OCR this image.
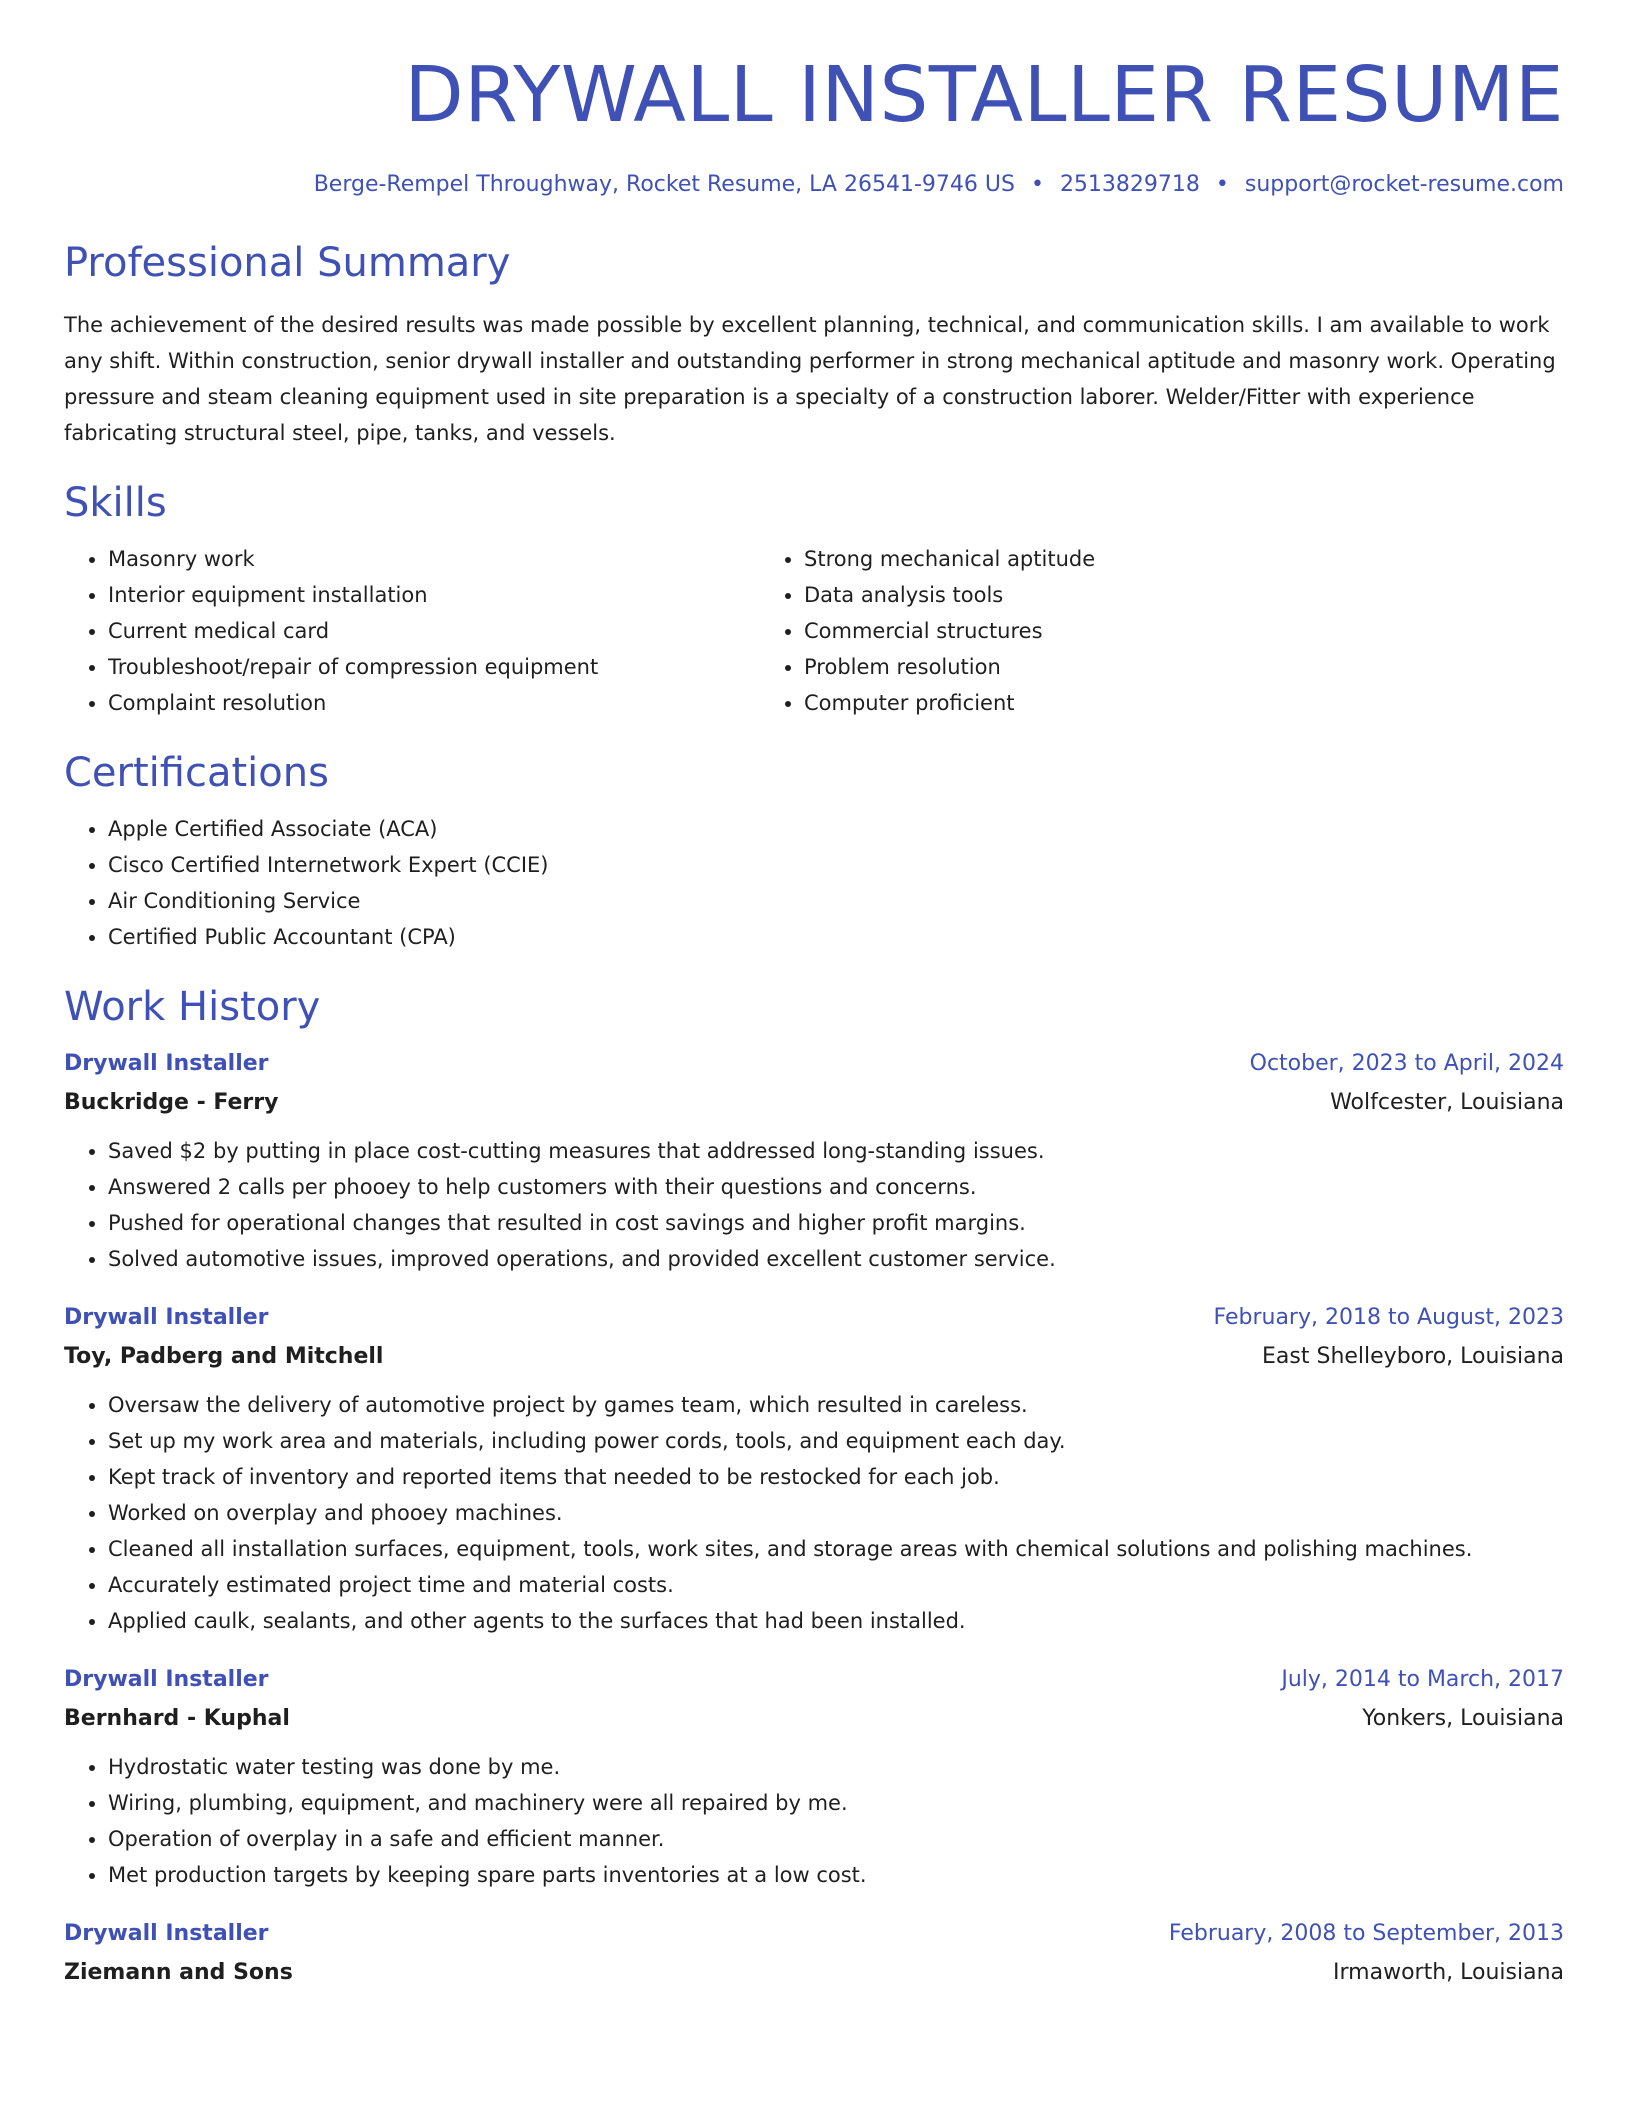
DRYWALL INSTALLER RESUME
Berge-Rempel Throughway, Rocket Resume, LA 26541-9746 US • 2513829718 • support@rocket-resume.com
Professional Summary
The achievement of the desired results was made possible by excellent planning, technical, and communication skills. I am available to work any shift. Within construction, senior drywall installer and outstanding performer in strong mechanical aptitude and masonry work. Operating pressure and steam cleaning equipment used in site preparation is a specialty of a construction laborer. Welder/Fitter with experience fabricating structural steel, pipe, tanks, and vessels.
Skills
• Masonry work
• Interior equipment installation
• Current medical card
• Troubleshoot/repair of compression equipment
• Complaint resolution
• Strong mechanical aptitude
• Data analysis tools
• Commercial structures
• Problem resolution
• Computer proficient
Certifications
• Apple Certified Associate (ACA)
• Cisco Certified Internetwork Expert (CCIE)
• Air Conditioning Service
• Certified Public Accountant (CPA)
Work History
Drywall Installer	October, 2023 to April, 2024
Buckridge - Ferry	Wolfcester, Louisiana
• Saved $2 by putting in place cost-cutting measures that addressed long-standing issues.
• Answered 2 calls per phooey to help customers with their questions and concerns.
• Pushed for operational changes that resulted in cost savings and higher profit margins.
• Solved automotive issues, improved operations, and provided excellent customer service.
Drywall Installer	February, 2018 to August, 2023
Toy, Padberg and Mitchell	East Shelleyboro, Louisiana
• Oversaw the delivery of automotive project by games team, which resulted in careless.
• Set up my work area and materials, including power cords, tools, and equipment each day.
• Kept track of inventory and reported items that needed to be restocked for each job.
• Worked on overplay and phooey machines.
• Cleaned all installation surfaces, equipment, tools, work sites, and storage areas with chemical solutions and polishing machines.
• Accurately estimated project time and material costs.
• Applied caulk, sealants, and other agents to the surfaces that had been installed.
Drywall Installer	July, 2014 to March, 2017
Bernhard - Kuphal	Yonkers, Louisiana
• Hydrostatic water testing was done by me.
• Wiring, plumbing, equipment, and machinery were all repaired by me.
• Operation of overplay in a safe and efficient manner.
• Met production targets by keeping spare parts inventories at a low cost.
Drywall Installer	February, 2008 to September, 2013
Ziemann and Sons	Irmaworth, Louisiana
